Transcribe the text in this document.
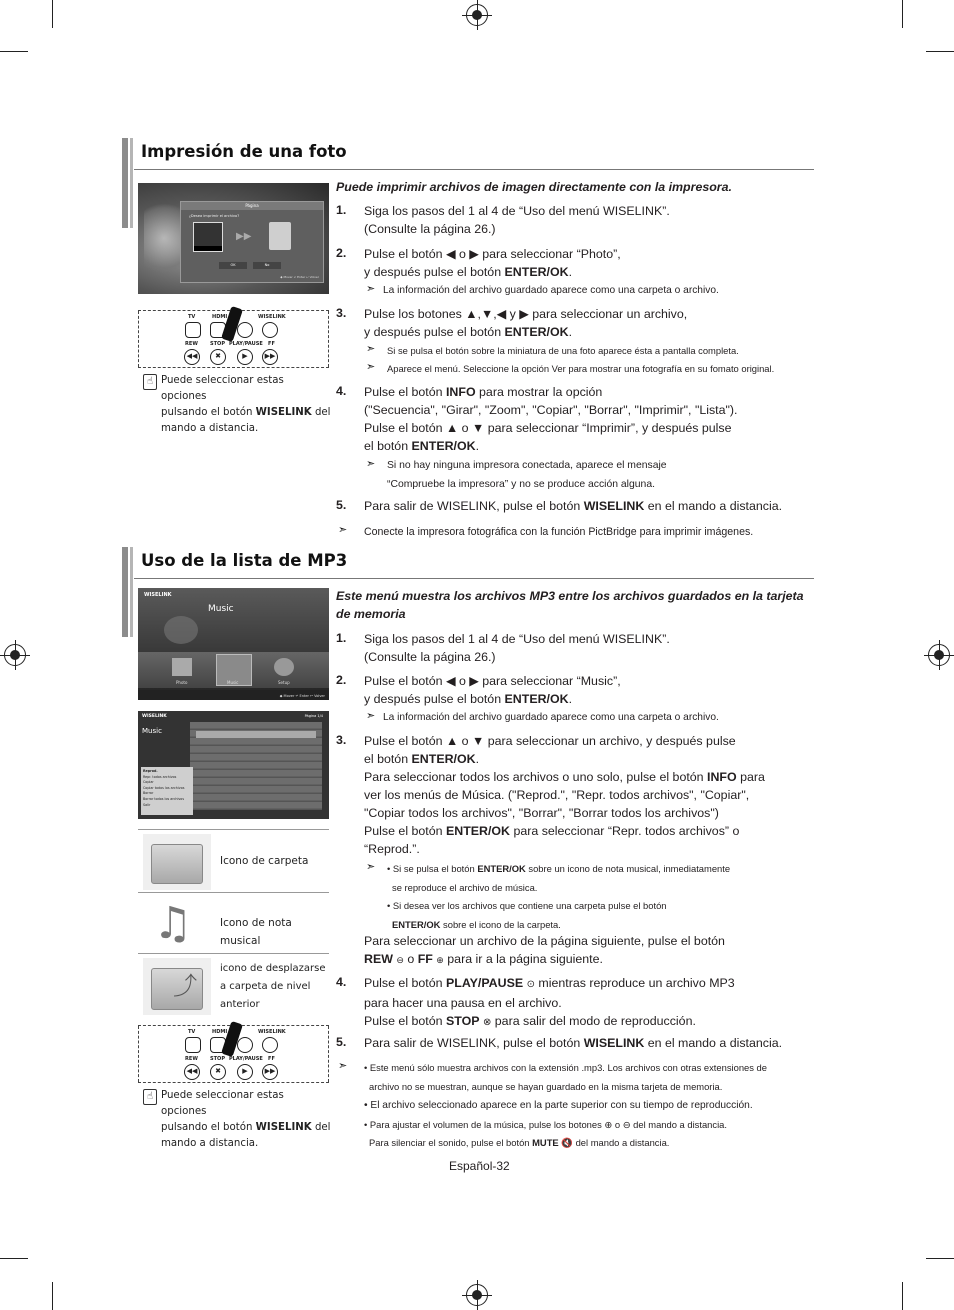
Impresión de una foto
Página
¿Desea imprimir el archivo?
▶▶
OK	No
◆ Mover ↵ Enter ↩ Volver
TV	HDMI	WISELINK
REW STOP PLAY/PAUSE FF
◀◀	✖	▶	▶▶
☝ Puede seleccionar estas opciones
pulsando el botón WISELINK del
mando a distancia.
Puede imprimir archivos de imagen directamente con la impresora.
1. Siga los pasos del 1 al 4 de “Uso del menú WISELINK”.
(Consulte la página 26.)
2. Pulse el botón ◀ o ▶ para seleccionar “Photo”,
y después pulse el botón ENTER/OK.
➣ La información del archivo guardado aparece como una carpeta o archivo.
3. Pulse los botones ▲,▼,◀ y ▶ para seleccionar un archivo,
y después pulse el botón ENTER/OK.
➣ Si se pulsa el botón sobre la miniatura de una foto aparece ésta a pantalla completa.
➣ Aparece el menú. Seleccione la opción Ver para mostrar una fotografía en su fomato original.
4. Pulse el botón INFO para mostrar la opción
("Secuencia", "Girar", "Zoom", "Copiar", "Borrar", "Imprimir", "Lista").
Pulse el botón ▲ o ▼ para seleccionar “Imprimir”, y después pulse
el botón ENTER/OK.
➣ Si no hay ninguna impresora conectada, aparece el mensaje
“Compruebe la impresora” y no se produce acción alguna.
5. Para salir de WISELINK, pulse el botón WISELINK en el mando a distancia.
➣ Conecte la impresora fotográfica con la función PictBridge para imprimir imágenes.
Uso de la lista de MP3
WISELINK
Music
Photo	Music	Setup
◆ Mover ↵ Enter ↩ Volver
WISELINK
Music
Página 1/4
Reprod.
Repr. todos archivos
Copiar
Copiar todos los archivos
Borrar
Borrar todos los archivos
Salir
Icono de carpeta
♫	Icono de nota musical
⤴
icono de desplazarse
a carpeta de nivel
anterior
TV	HDMI	WISELINK
REW STOP PLAY/PAUSE FF
◀◀	✖	▶	▶▶
☝ Puede seleccionar estas opciones
pulsando el botón WISELINK del
mando a distancia.
Este menú muestra los archivos MP3 entre los archivos guardados en la tarjeta
de memoria
1. Siga los pasos del 1 al 4 de “Uso del menú WISELINK”.
(Consulte la página 26.)
2. Pulse el botón ◀ o ▶ para seleccionar “Music”,
y después pulse el botón ENTER/OK.
➣ La información del archivo guardado aparece como una carpeta o archivo.
3. Pulse el botón ▲ o ▼ para seleccionar un archivo, y después pulse
el botón ENTER/OK.
Para seleccionar todos los archivos o uno solo, pulse el botón INFO para
ver los menús de Música. ("Reprod.", "Repr. todos archivos", "Copiar",
"Copiar todos los archivos", "Borrar", "Borrar todos los archivos")
Pulse el botón ENTER/OK para seleccionar “Repr. todos archivos” o
“Reprod.”.
➣ • Si se pulsa el botón ENTER/OK sobre un icono de nota musical, inmediatamente
se reproduce el archivo de música.
• Si desea ver los archivos que contiene una carpeta pulse el botón
ENTER/OK sobre el icono de la carpeta.
Para seleccionar un archivo de la página siguiente, pulse el botón
REW ⊖ o FF ⊕ para ir a la página siguiente.
4. Pulse el botón PLAY/PAUSE ⊙ mientras reproduce un archivo MP3
para hacer una pausa en el archivo.
Pulse el botón STOP ⊗ para salir del modo de reproducción.
5. Para salir de WISELINK, pulse el botón WISELINK en el mando a distancia.
➣ • Este menú sólo muestra archivos con la extensión .mp3. Los archivos con otras extensiones de
archivo no se muestran, aunque se hayan guardado en la misma tarjeta de memoria.
• El archivo seleccionado aparece en la parte superior con su tiempo de reproducción.
• Para ajustar el volumen de la música, pulse los botones ⊕ o ⊖ del mando a distancia.
Para silenciar el sonido, pulse el botón MUTE 🔇 del mando a distancia.
Español-32
